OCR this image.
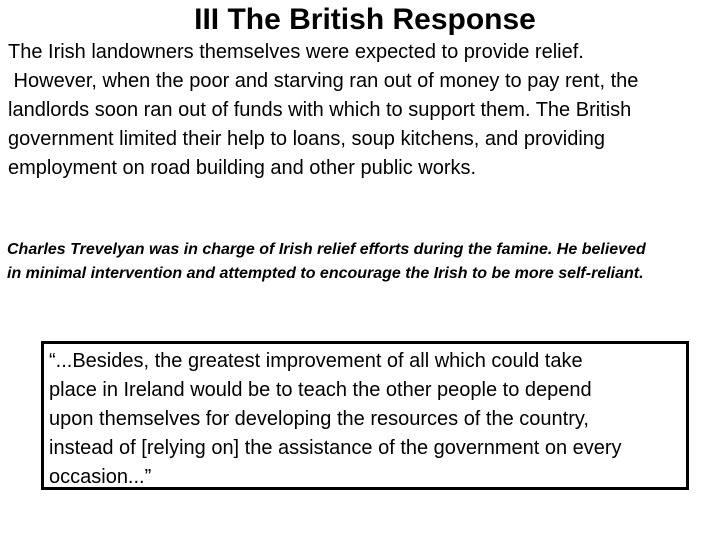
III The British Response
The Irish landowners themselves were expected to provide relief.
However, when the poor and starving ran out of money to pay rent, the
landlords soon ran out of funds with which to support them. The British
government limited their help to loans, soup kitchens, and providing
employment on road building and other public works.
Charles Trevelyan was in charge of Irish relief efforts during the famine. He believed
in minimal intervention and attempted to encourage the Irish to be more self-reliant.
“...Besides, the greatest improvement of all which could take
place in Ireland would be to teach the other people to depend
upon themselves for developing the resources of the country,
instead of [relying on] the assistance of the government on every
occasion...”
